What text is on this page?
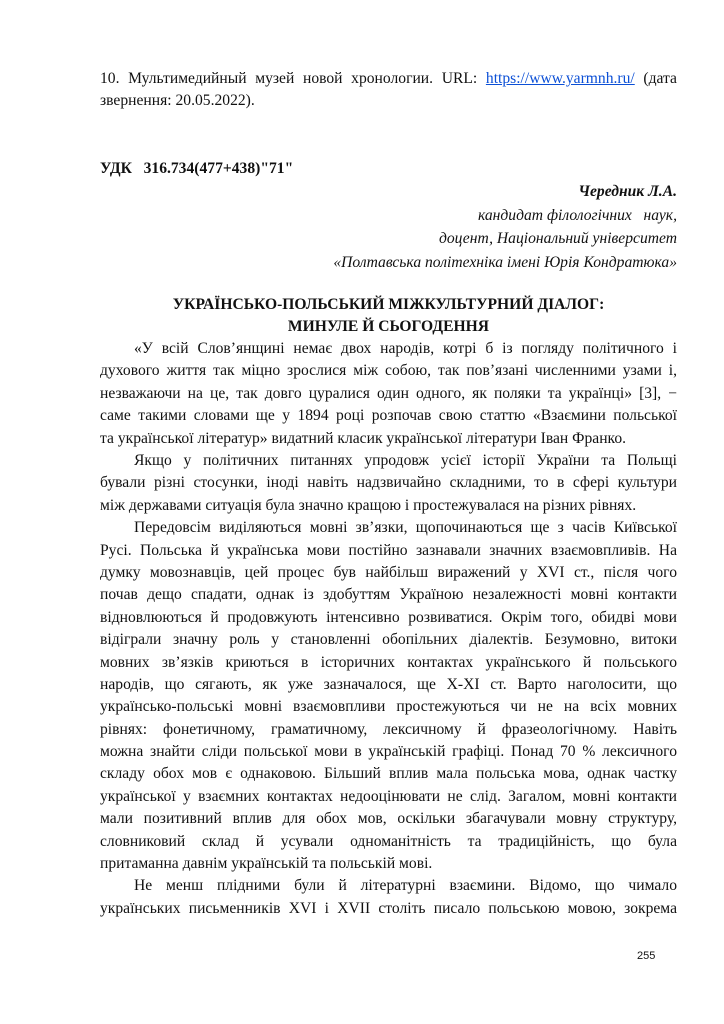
10. Мультимедийный музей новой хронологии. URL: https://www.yarmnh.ru/ (дата
звернення: 20.05.2022).
УДК   316.734(477+438)"71"
Чередник Л.А.
кандидат філологічних   наук,
доцент, Національний університет
«Полтавська політехніка імені Юрія Кондратюка»
УКРАЇНСЬКО-ПОЛЬСЬКИЙ МІЖКУЛЬТУРНИЙ ДІАЛОГ:
МИНУЛЕ Й СЬОГОДЕННЯ
«У всій Слов’янщині немає двох народів, котрі б із погляду політичного і
духового життя так міцно зрослися між собою, так пов’язані численними узами і,
незважаючи на це, так довго цуралися один одного, як поляки та українці» [3], −
саме такими словами ще у 1894 році розпочав свою статтю «Взаємини польської
та української літератур» видатний класик української літератури Іван Франко.
Якщо у політичних питаннях упродовж усієї історії України та Польщі
бували різні стосунки, іноді навіть надзвичайно складними, то в сфері культури
між державами ситуація була значно кращою і простежувалася на різних рівнях.
Передовсім виділяються мовні зв’язки, щопочинаються ще з часів Київської
Русі. Польська й українська мови постійно зазнавали значних взаємовпливів. На
думку мовознавців, цей процес був найбільш виражений у XVI ст., після чого
почав дещо спадати, однак із здобуттям Україною незалежності мовні контакти
відновлюються й продовжують інтенсивно розвиватися. Окрім того, обидві мови
відіграли значну роль у становленні обопільних діалектів. Безумовно, витоки
мовних зв’язків криються в історичних контактах українського й польського
народів, що сягають, як уже зазначалося, ще X-XI ст. Варто наголосити, що
українсько-польські мовні взаємовпливи простежуються чи не на всіх мовних
рівнях: фонетичному, граматичному, лексичному й фразеологічному. Навіть
можна знайти сліди польської мови в українській графіці. Понад 70 % лексичного
складу обох мов є однаковою. Більший вплив мала польська мова, однак частку
української у взаємних контактах недооцінювати не слід. Загалом, мовні контакти
мали позитивний вплив для обох мов, оскільки збагачували мовну структуру,
словниковий склад й усували одноманітність та традиційність, що була
притаманна давнім українській та польській мові.
Не менш плідними були й літературні взаємини. Відомо, що чимало
українських письменників XVI і XVII століть писало польською мовою, зокрема
255
